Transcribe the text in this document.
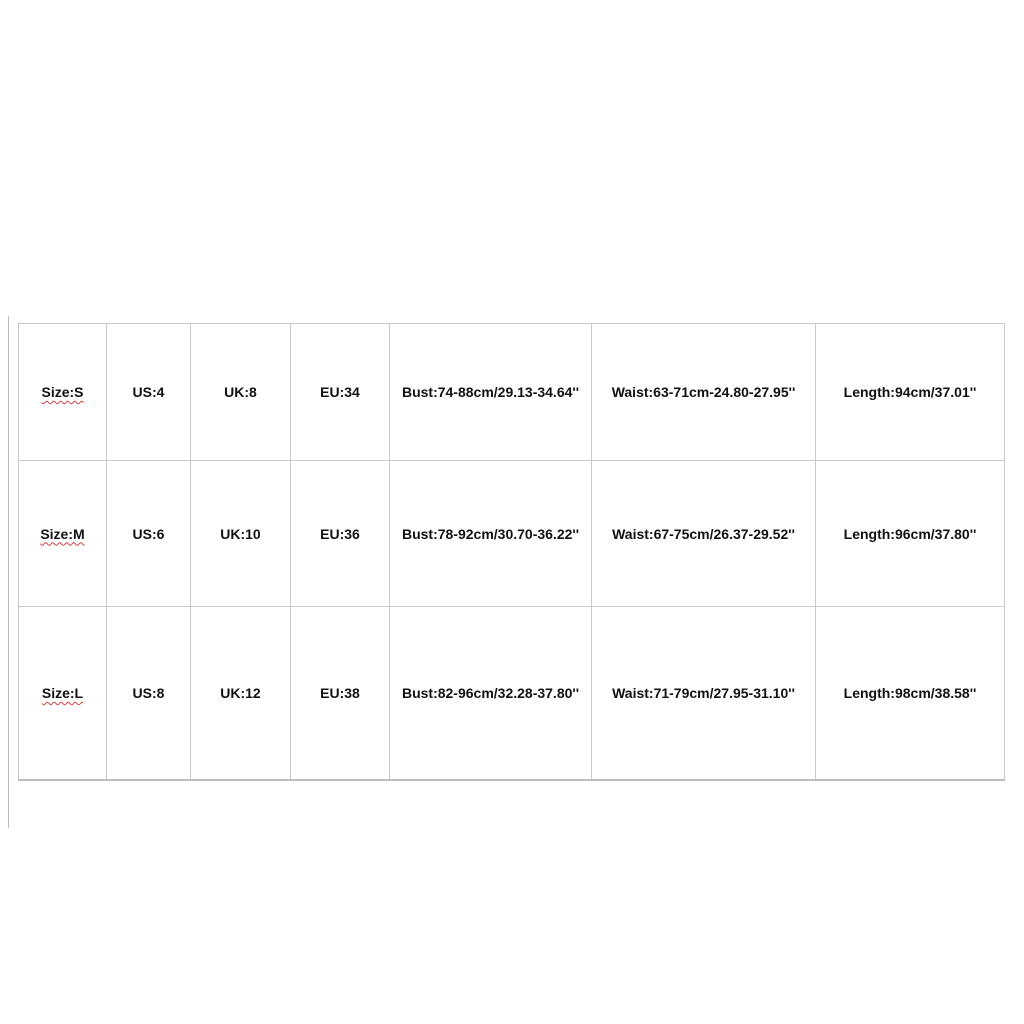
Size:S	US:4	UK:8	EU:34	Bust:74-88cm/29.13-34.64''	Waist:63-71cm-24.80-27.95''	Length:94cm/37.01''
Size:M	US:6	UK:10	EU:36	Bust:78-92cm/30.70-36.22''	Waist:67-75cm/26.37-29.52''	Length:96cm/37.80''
Size:L	US:8	UK:12	EU:38	Bust:82-96cm/32.28-37.80''	Waist:71-79cm/27.95-31.10''	Length:98cm/38.58''
